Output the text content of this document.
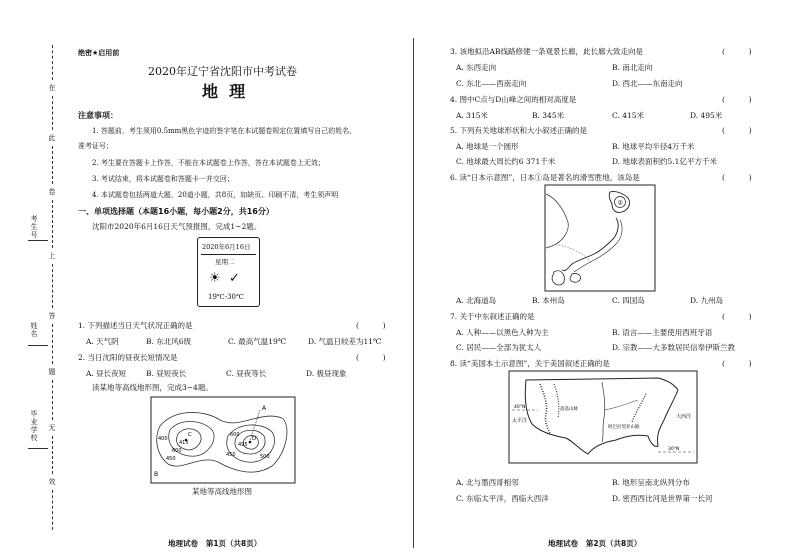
考生号
姓名
毕业学校
在
此
卷
上
答
题
无
效
绝密★启用前
2020年辽宁省沈阳市中考试卷
地  理
注意事项：
1. 答题前，考生须用0.5mm黑色字迹的签字笔在本试题卷规定位置填写自己的姓名、
准考证号；
2. 考生要在答题卡上作答，不能在本试题卷上作答，答在本试题卷上无效；
3. 考试结束，将本试题卷和答题卡一并交回；
4. 本试题卷包括两道大题，20道小题，共8页，如缺页、印刷不清，考生须声明
一、单项选择题（本题16小题，每小题2分，共16分）
沈阳市2020年6月16日天气预报图，完成1~2题。
2020年6月16日
星期二
☀ ✓
19℃-30℃
1. 下列描述当日天气状况正确的是	(          )
A. 天气阴	B. 东北风6级	C. 最高气温19℃	D. 气温日较差为11℃
2. 当日沈阳的昼夜长短情况是	(          )
A. 昼长夜短	B. 昼短夜长	C. 昼夜等长	D. 极昼现象
读某地等高线地形图，完成3~4题。
A
B
C
D
415
600
495
450
400
600
450	500
某地等高线地形图
地理试卷   第1页（共8页）
3. 该地拟沿AB线路修建一条观景长廊，此长廊大致走向是	(          )
A. 东西走向	B. 南北走向
C. 东北——西南走向	D. 西北——东南走向
4. 图中C点与D山峰之间的相对高度是	(          )
A. 315米	B. 345米	C. 415米	D. 495米
5. 下列有关地球形状和大小叙述正确的是	(          )
A. 地球是一个圆形	B. 地球平均半径4万千米
C. 地球最大周长约6 371千米	D. 地球表面积约5.1亿平方千米
6. 读“日本示意图”，日本①岛是著名的滑雪胜地，该岛是	(          )
①
A. 北海道岛	B. 本州岛	C. 四国岛	D. 九州岛
7. 关于中东叙述正确的是	(          )
A. 人种——以黑色人种为主	B. 语言——主要使用西班牙语
C. 居民——全部为犹太人	D. 宗教——大多数居民信奉伊斯兰教
8. 读“美国本土示意图”，关于美国叙述正确的是	(          )
太平洋
大西洋
40°N
30°N
落基山脉
阿巴拉契亚山脉
A. 北与墨西哥相邻	B. 地形呈南北纵列分布
C. 东临太平洋，西临大西洋	D. 密西西比河是世界第一长河
地理试卷   第2页（共8页）
